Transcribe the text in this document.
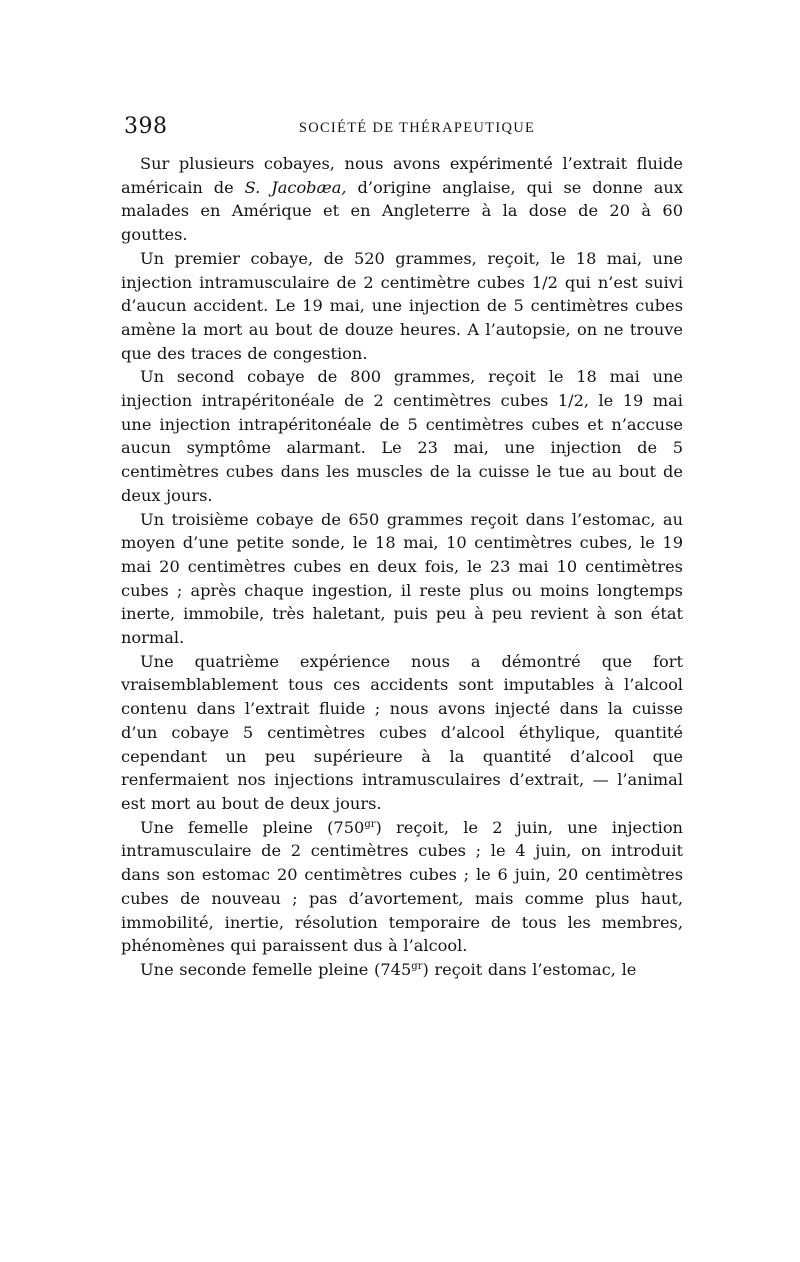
398	SOCIÉTÉ DE THÉRAPEUTIQUE

Sur plusieurs cobayes, nous avons expérimenté l’extrait fluide américain de S. Jacobæa, d’origine anglaise, qui se donne aux malades en Amérique et en Angleterre à la dose de 20 à 60 gouttes.

Un premier cobaye, de 520 grammes, reçoit, le 18 mai, une injection intramusculaire de 2 centimètre cubes 1/2 qui n’est suivi d’aucun accident. Le 19 mai, une injection de 5 centimètres cubes amène la mort au bout de douze heures. A l’autopsie, on ne trouve que des traces de congestion.

Un second cobaye de 800 grammes, reçoit le 18 mai une injection intrapéritonéale de 2 centimètres cubes 1/2, le 19 mai une injection intrapéritonéale de 5 centimètres cubes et n’accuse aucun symptôme alarmant. Le 23 mai, une injection de 5 centimètres cubes dans les muscles de la cuisse le tue au bout de deux jours.

Un troisième cobaye de 650 grammes reçoit dans l’estomac, au moyen d’une petite sonde, le 18 mai, 10 centimètres cubes, le 19 mai 20 centimètres cubes en deux fois, le 23 mai 10 centimètres cubes ; après chaque ingestion, il reste plus ou moins longtemps inerte, immobile, très haletant, puis peu à peu revient à son état normal.

Une quatrième expérience nous a démontré que fort vraisemblablement tous ces accidents sont imputables à l’alcool contenu dans l’extrait fluide ; nous avons injecté dans la cuisse d’un cobaye 5 centimètres cubes d’alcool éthylique, quantité cependant un peu supérieure à la quantité d’alcool que renfermaient nos injections intramusculaires d’extrait, — l’animal est mort au bout de deux jours.

Une femelle pleine $(750^{gr})$ reçoit, le 2 juin, une injection intramusculaire de 2 centimètres cubes ; le 4 juin, on introduit dans son estomac 20 centimètres cubes ; le 6 juin, 20 centimètres cubes de nouveau ; pas d’avortement, mais comme plus haut, immobilité, inertie, résolution temporaire de tous les membres, phénomènes qui paraissent dus à l’alcool.

Une seconde femelle pleine $(745^{gr})$ reçoit dans l’estomac, le
